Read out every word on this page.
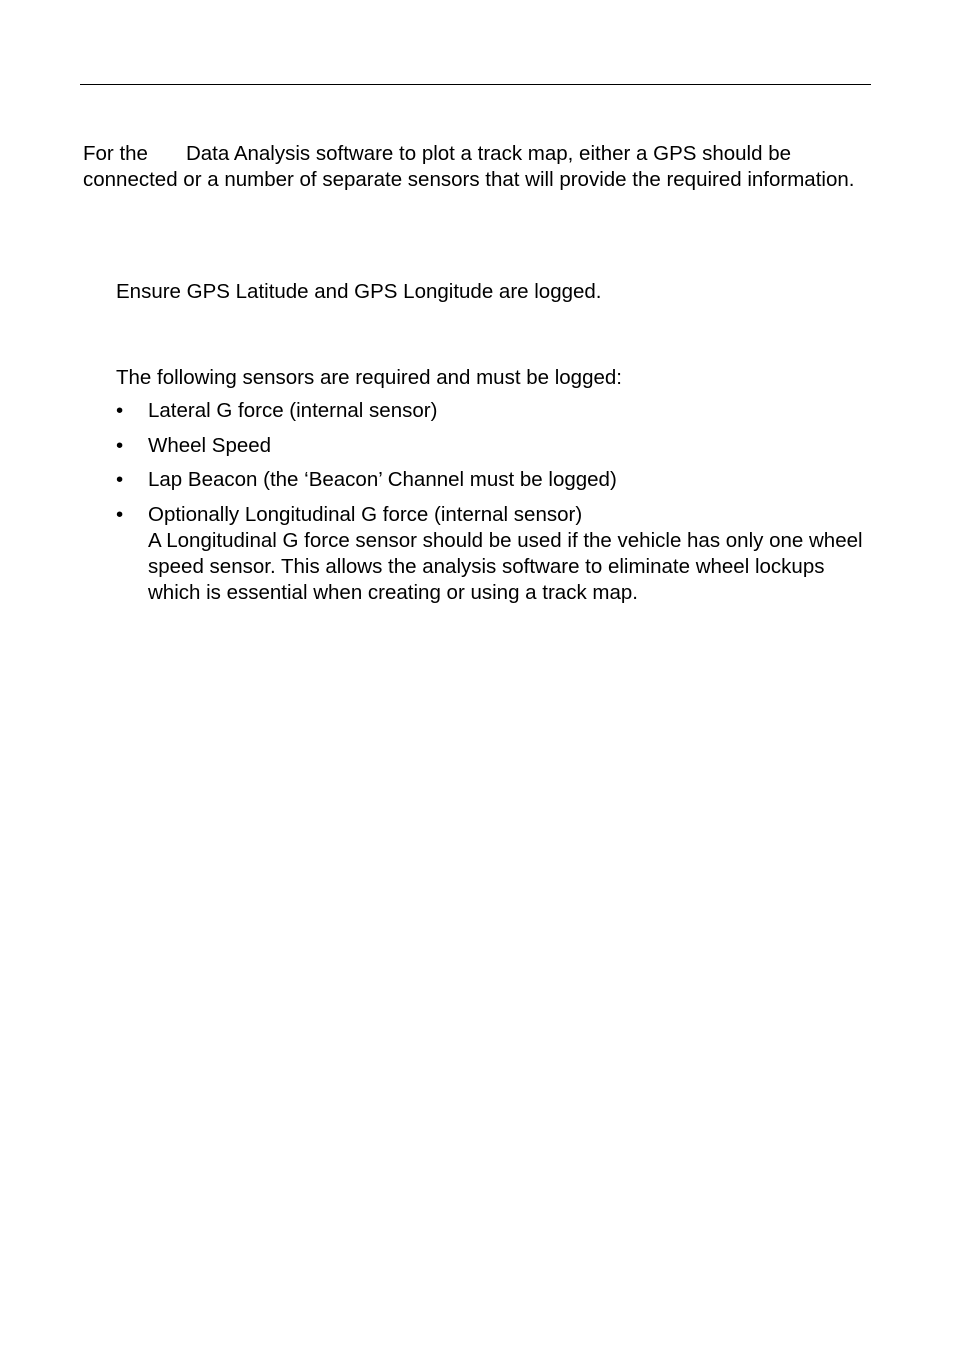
For the Data Analysis software to plot a track map, either a GPS should be connected or a number of separate sensors that will provide the required information.

Ensure GPS Latitude and GPS Longitude are logged.

The following sensors are required and must be logged:

• Lateral G force (internal sensor)
• Wheel Speed
• Lap Beacon (the ‘Beacon’ Channel must be logged)
• Optionally Longitudinal G force (internal sensor)
A Longitudinal G force sensor should be used if the vehicle has only one wheel speed sensor. This allows the analysis software to eliminate wheel lockups which is essential when creating or using a track map.
